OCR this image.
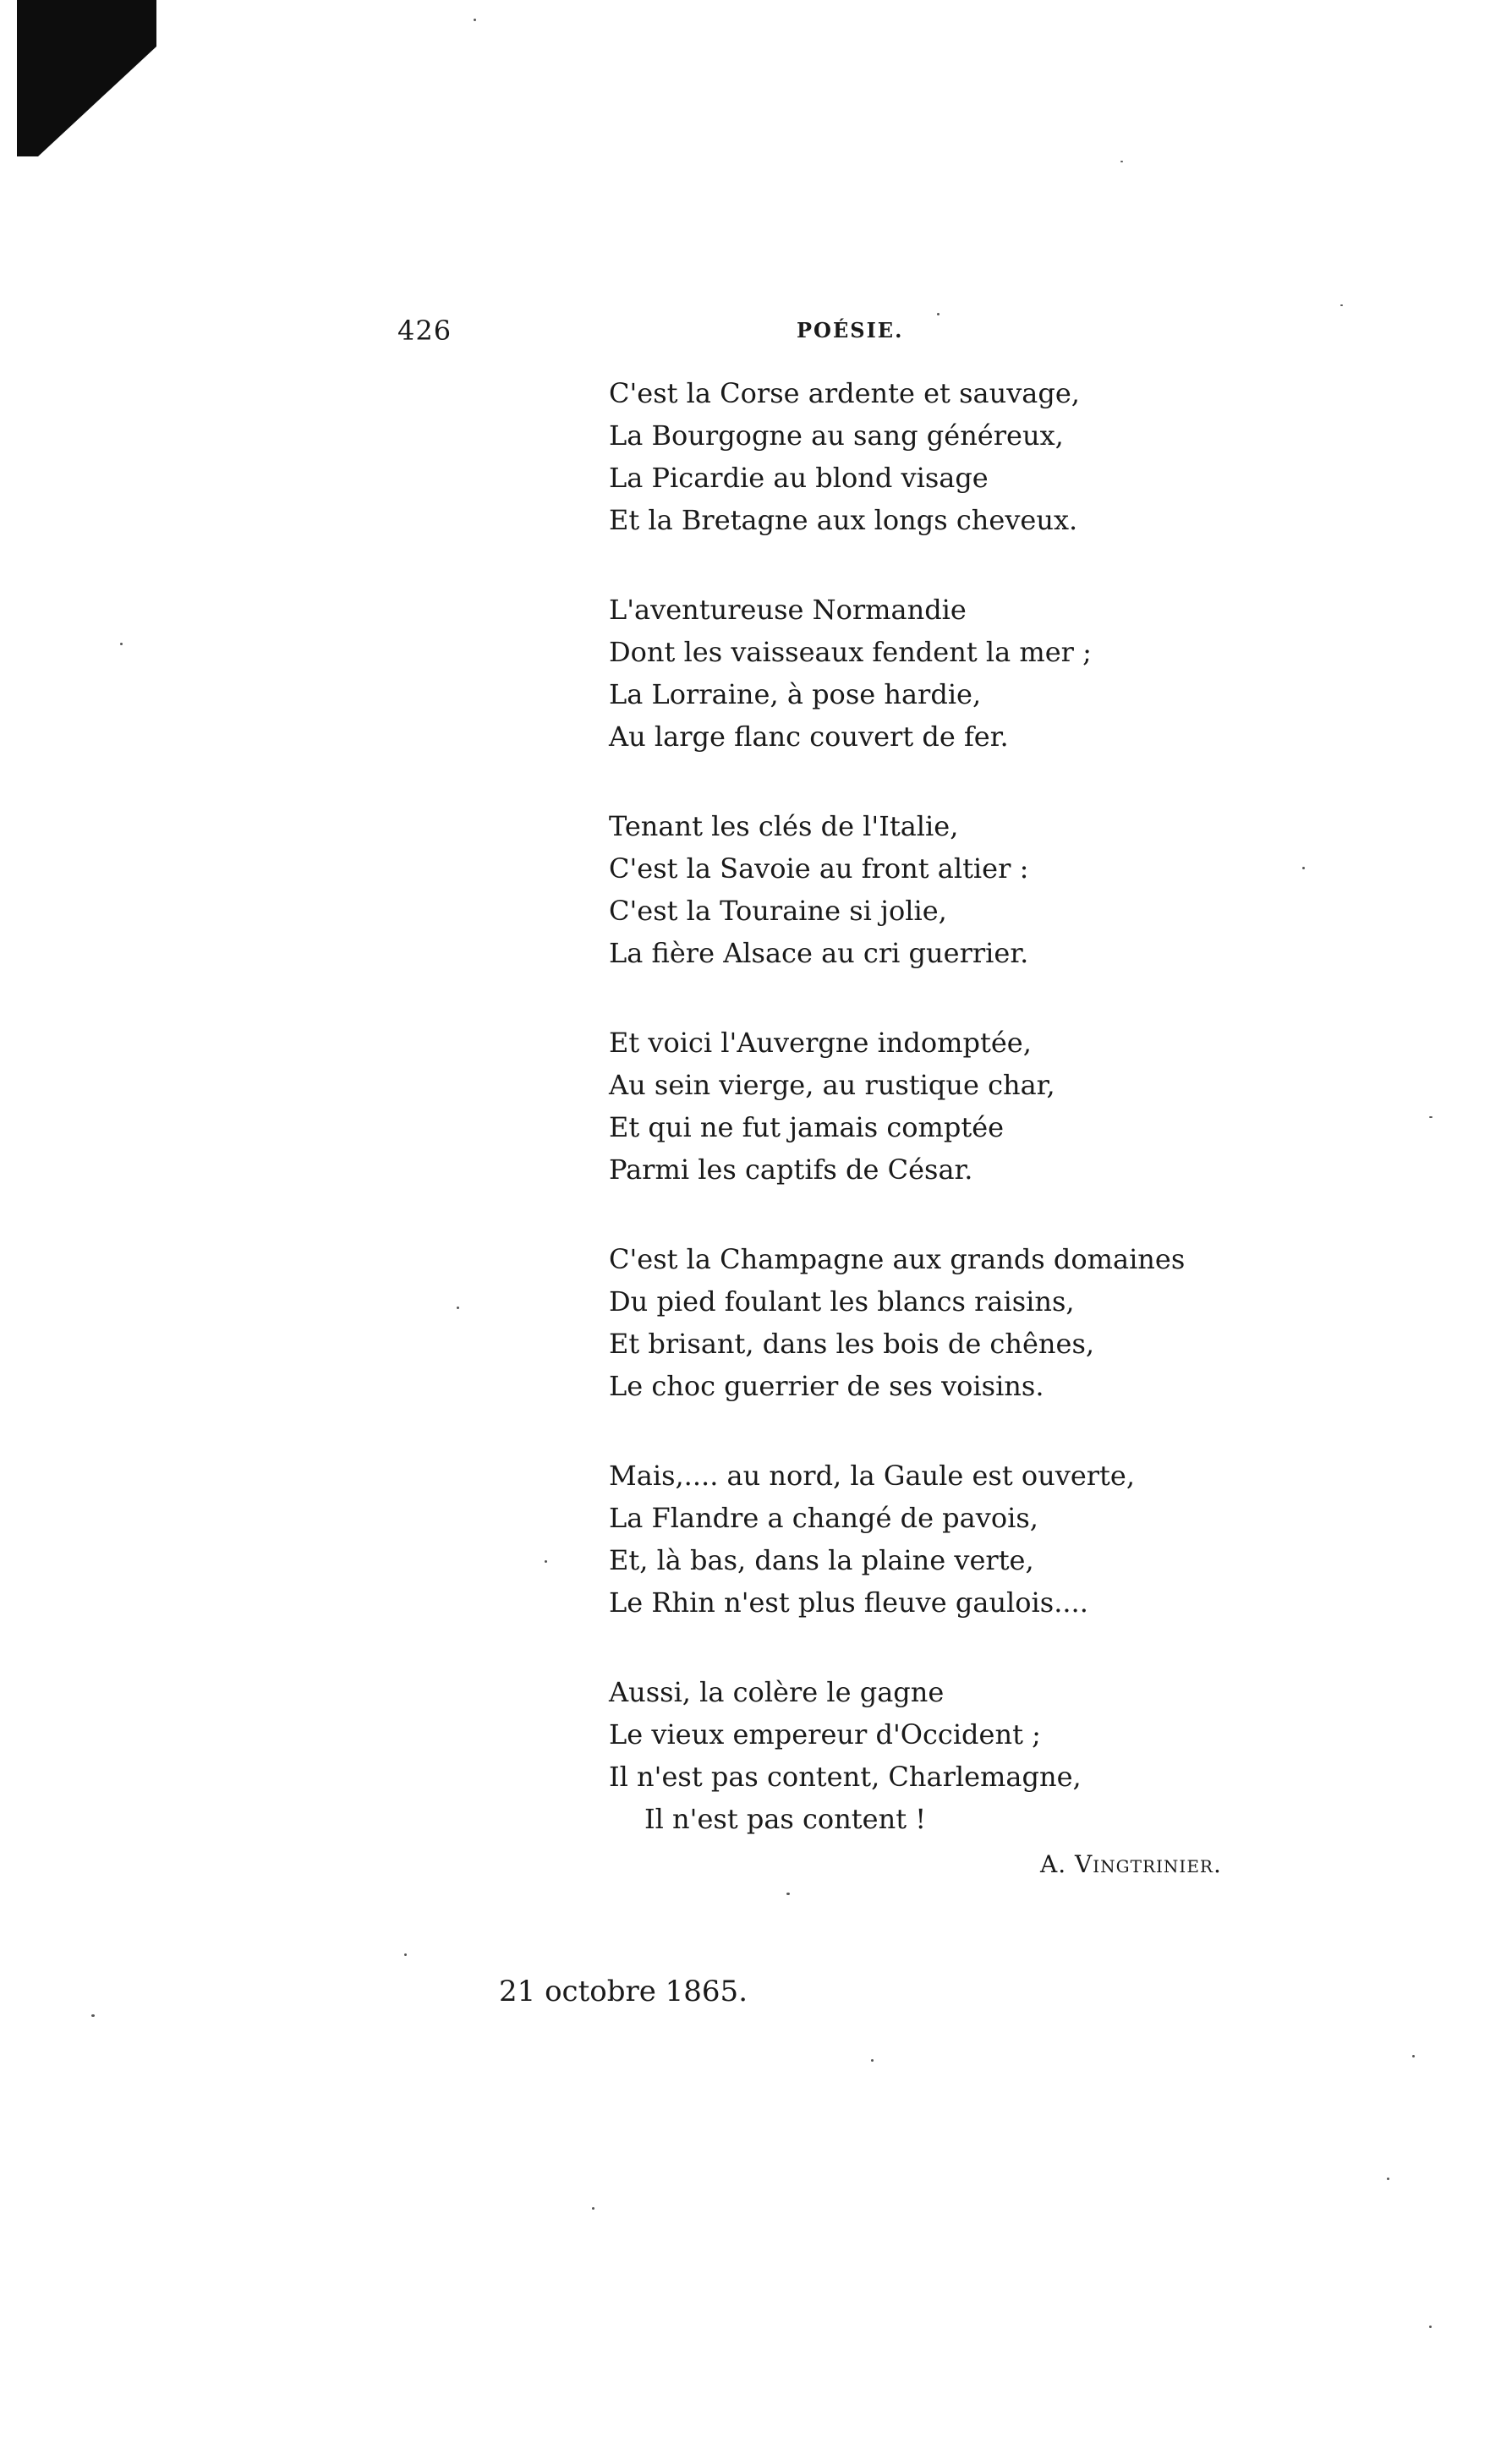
426	POÉSIE.
C'est la Corse ardente et sauvage,
La Bourgogne au sang généreux,
La Picardie au blond visage
Et la Bretagne aux longs cheveux.
L'aventureuse Normandie
Dont les vaisseaux fendent la mer ;
La Lorraine, à pose hardie,
Au large flanc couvert de fer.
Tenant les clés de l'Italie,
C'est la Savoie au front altier :
C'est la Touraine si jolie,
La fière Alsace au cri guerrier.
Et voici l'Auvergne indomptée,
Au sein vierge, au rustique char,
Et qui ne fut jamais comptée
Parmi les captifs de César.
C'est la Champagne aux grands domaines
Du pied foulant les blancs raisins,
Et brisant, dans les bois de chênes,
Le choc guerrier de ses voisins.
Mais,.... au nord, la Gaule est ouverte,
La Flandre a changé de pavois,
Et, là bas, dans la plaine verte,
Le Rhin n'est plus fleuve gaulois....
Aussi, la colère le gagne
Le vieux empereur d'Occident ;
Il n'est pas content, Charlemagne,
Il n'est pas content !
A. Vingtrinier.
21 octobre 1865.
